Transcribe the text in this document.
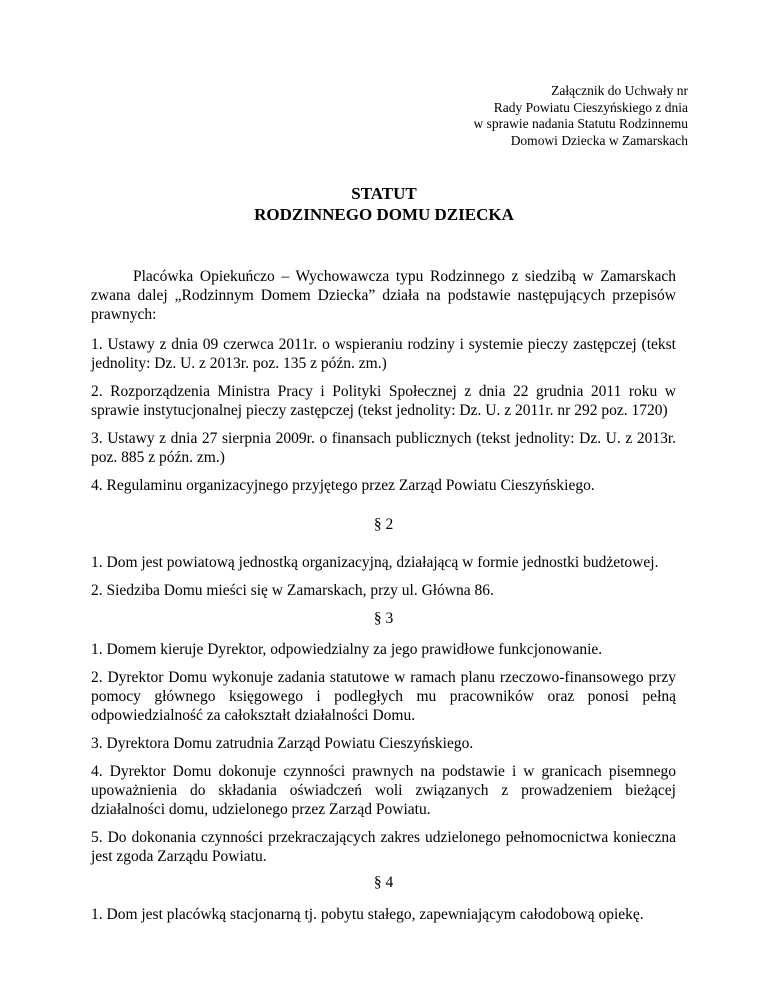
Załącznik do Uchwały nr
Rady Powiatu Cieszyńskiego z dnia
w sprawie nadania Statutu Rodzinnemu
Domowi Dziecka w Zamarskach
STATUT
RODZINNEGO DOMU DZIECKA

Placówka Opiekuńczo – Wychowawcza typu Rodzinnego z siedzibą w Zamarskach zwana dalej „Rodzinnym Domem Dziecka” działa na podstawie następujących przepisów prawnych:

1. Ustawy z dnia 09 czerwca 2011r. o wspieraniu rodziny i systemie pieczy zastępczej (tekst jednolity: Dz. U. z 2013r. poz. 135 z późn. zm.)

2. Rozporządzenia Ministra Pracy i Polityki Społecznej z dnia 22 grudnia 2011 roku w sprawie instytucjonalnej pieczy zastępczej (tekst jednolity: Dz. U. z 2011r. nr 292 poz. 1720)

3. Ustawy z dnia 27 sierpnia 2009r. o finansach publicznych (tekst jednolity: Dz. U. z 2013r. poz. 885 z późn. zm.)

4. Regulaminu organizacyjnego przyjętego przez Zarząd Powiatu Cieszyńskiego.

§ 2

1. Dom jest powiatową jednostką organizacyjną, działającą w formie jednostki budżetowej.

2. Siedziba Domu mieści się w Zamarskach, przy ul. Główna 86.

§ 3

1. Domem kieruje Dyrektor, odpowiedzialny za jego prawidłowe funkcjonowanie.

2. Dyrektor Domu wykonuje zadania statutowe w ramach planu rzeczowo-finansowego przy pomocy głównego księgowego i podległych mu pracowników oraz ponosi pełną odpowiedzialność za całokształt działalności Domu.

3. Dyrektora Domu zatrudnia Zarząd Powiatu Cieszyńskiego.

4. Dyrektor Domu dokonuje czynności prawnych na podstawie i w granicach pisemnego upoważnienia do składania oświadczeń woli związanych z prowadzeniem bieżącej działalności domu, udzielonego przez Zarząd Powiatu.

5. Do dokonania czynności przekraczających zakres udzielonego pełnomocnictwa konieczna jest zgoda Zarządu Powiatu.

§ 4

1. Dom jest placówką stacjonarną tj. pobytu stałego, zapewniającym całodobową opiekę.
